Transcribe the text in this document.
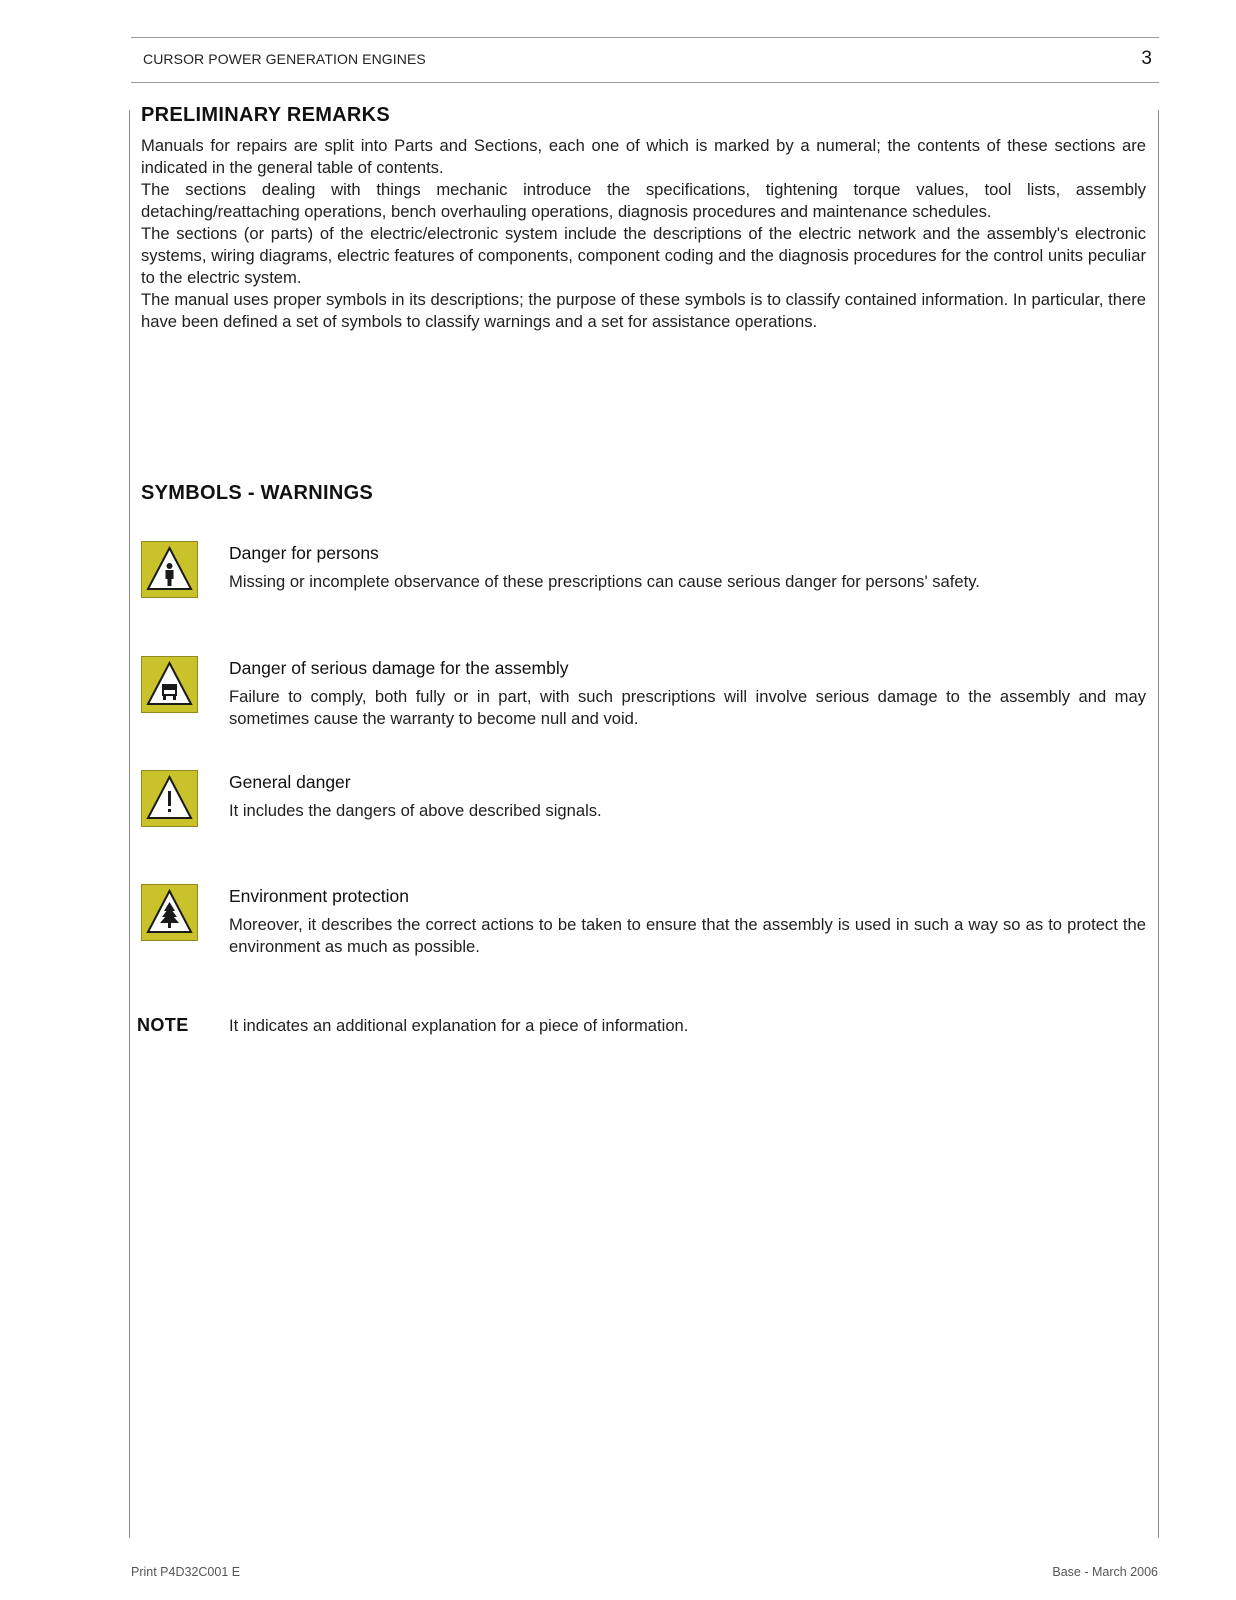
CURSOR POWER GENERATION ENGINES	3
PRELIMINARY REMARKS

Manuals for repairs are split into Parts and Sections, each one of which is marked by a numeral; the contents of these sections are indicated in the general table of contents.

The sections dealing with things mechanic introduce the specifications, tightening torque values, tool lists, assembly detaching/reattaching operations, bench overhauling operations, diagnosis procedures and maintenance schedules.

The sections (or parts) of the electric/electronic system include the descriptions of the electric network and the assembly's electronic systems, wiring diagrams, electric features of components, component coding and the diagnosis procedures for the control units peculiar to the electric system.

The manual uses proper symbols in its descriptions; the purpose of these symbols is to classify contained information. In particular, there have been defined a set of symbols to classify warnings and a set for assistance operations.

SYMBOLS - WARNINGS
Danger for persons

Missing or incomplete observance of these prescriptions can cause serious danger for persons' safety.

Danger of serious damage for the assembly

Failure to comply, both fully or in part, with such prescriptions will involve serious damage to the assembly and may sometimes cause the warranty to become null and void.

General danger

It includes the dangers of above described signals.

Environment protection

Moreover, it describes the correct actions to be taken to ensure that the assembly is used in such a way so as to protect the environment as much as possible.

NOTE It indicates an additional explanation for a piece of information.
Print P4D32C001 E	Base - March 2006
